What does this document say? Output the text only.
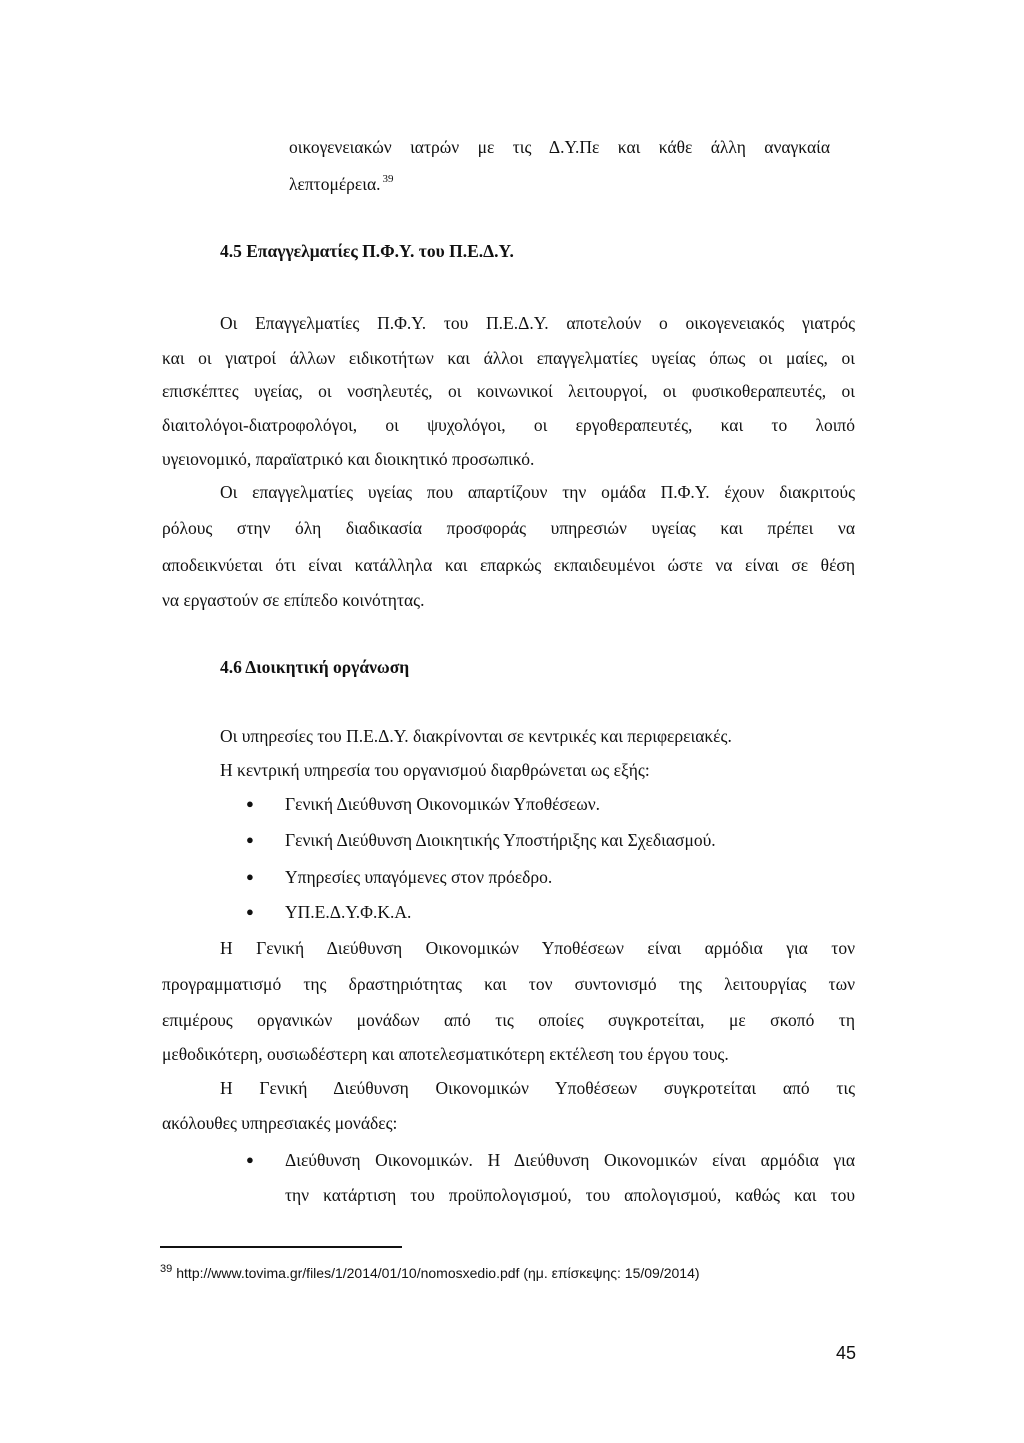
οικογενειακών ιατρών με τις Δ.Υ.Πε και κάθε άλλη αναγκαία
λεπτομέρεια. $^{39}$
4.5 Επαγγελματίες Π.Φ.Υ. του Π.Ε.Δ.Υ.
Οι Επαγγελματίες Π.Φ.Υ. του Π.Ε.Δ.Υ. αποτελούν ο οικογενειακός γιατρός
και οι γιατροί άλλων ειδικοτήτων και άλλοι επαγγελματίες υγείας όπως οι μαίες, οι
επισκέπτες υγείας, οι νοσηλευτές, οι κοινωνικοί λειτουργοί, οι φυσικοθεραπευτές, οι
διαιτολόγοι-διατροφολόγοι, οι ψυχολόγοι, οι εργοθεραπευτές, και το λοιπό
υγειονομικό, παραϊατρικό και διοικητικό προσωπικό.
Οι επαγγελματίες υγείας που απαρτίζουν την ομάδα Π.Φ.Υ. έχουν διακριτούς
ρόλους στην όλη διαδικασία προσφοράς υπηρεσιών υγείας και πρέπει να
αποδεικνύεται ότι είναι κατάλληλα και επαρκώς εκπαιδευμένοι ώστε να είναι σε θέση
να εργαστούν σε επίπεδο κοινότητας.
4.6 Διοικητική οργάνωση
Οι υπηρεσίες του Π.Ε.Δ.Υ. διακρίνονται σε κεντρικές και περιφερειακές.
Η κεντρική υπηρεσία του οργανισμού διαρθρώνεται ως εξής:
● Γενική Διεύθυνση Οικονομικών Υποθέσεων.
● Γενική Διεύθυνση Διοικητικής Υποστήριξης και Σχεδιασμού.
● Υπηρεσίες υπαγόμενες στον πρόεδρο.
● ΥΠ.Ε.Δ.Υ.Φ.Κ.Α.
Η Γενική Διεύθυνση Οικονομικών Υποθέσεων είναι αρμόδια για τον
προγραμματισμό της δραστηριότητας και τον συντονισμό της λειτουργίας των
επιμέρους οργανικών μονάδων από τις οποίες συγκροτείται, με σκοπό τη
μεθοδικότερη, ουσιωδέστερη και αποτελεσματικότερη εκτέλεση του έργου τους.
Η Γενική Διεύθυνση Οικονομικών Υποθέσεων συγκροτείται από τις
ακόλουθες υπηρεσιακές μονάδες:
● Διεύθυνση Οικονομικών. Η Διεύθυνση Οικονομικών είναι αρμόδια για
την κατάρτιση του προϋπολογισμού, του απολογισμού, καθώς και του
$^{39}$ http://www.tovima.gr/files/1/2014/01/10/nomosxedio.pdf (ημ. επίσκεψης: 15/09/2014)
45
